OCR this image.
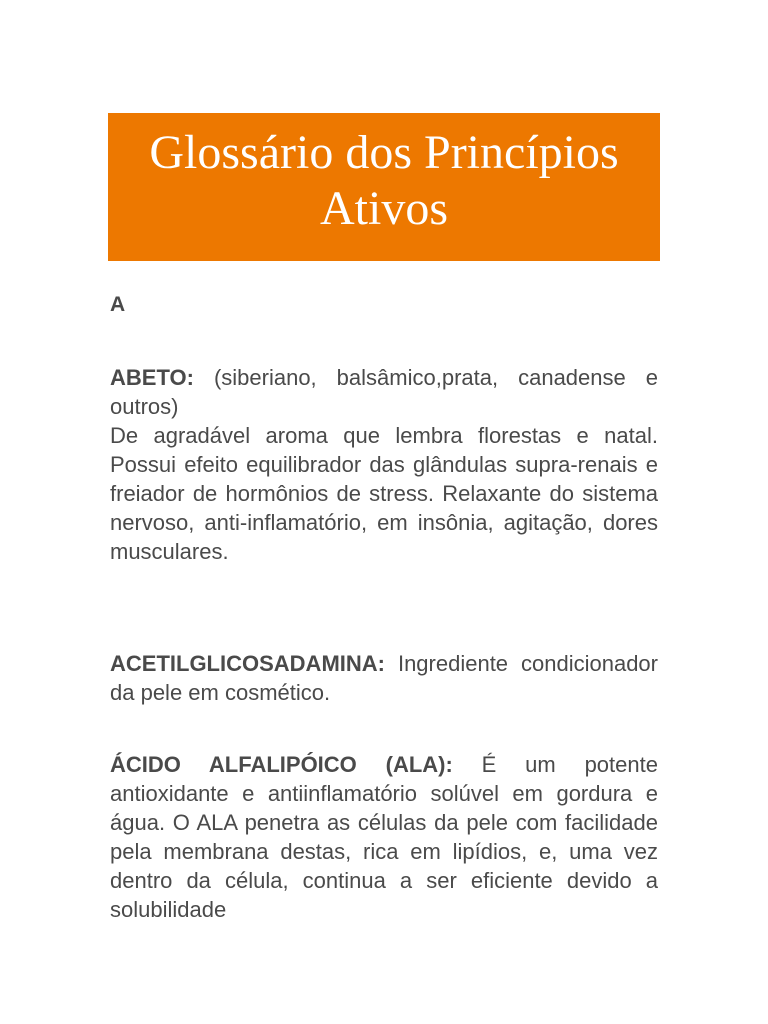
Glossário dos Princípios
Ativos
A

ABETO: (siberiano, balsâmico,prata, canadense e outros)

De agradável aroma que lembra florestas e natal. Possui efeito equilibrador das glândulas supra-renais e freiador de hormônios de stress. Relaxante do sistema nervoso, anti-inflamatório, em insônia, agitação, dores musculares.

ACETILGLICOSADAMINA: Ingrediente condicionador da pele em cosmético.

ÁCIDO ALFALIPÓICO (ALA): É um potente antioxidante e antiinflamatório solúvel em gordura e água. O ALA penetra as células da pele com facilidade pela membrana destas, rica em lipídios, e, uma vez dentro da célula, continua a ser eficiente devido a solubilidade
